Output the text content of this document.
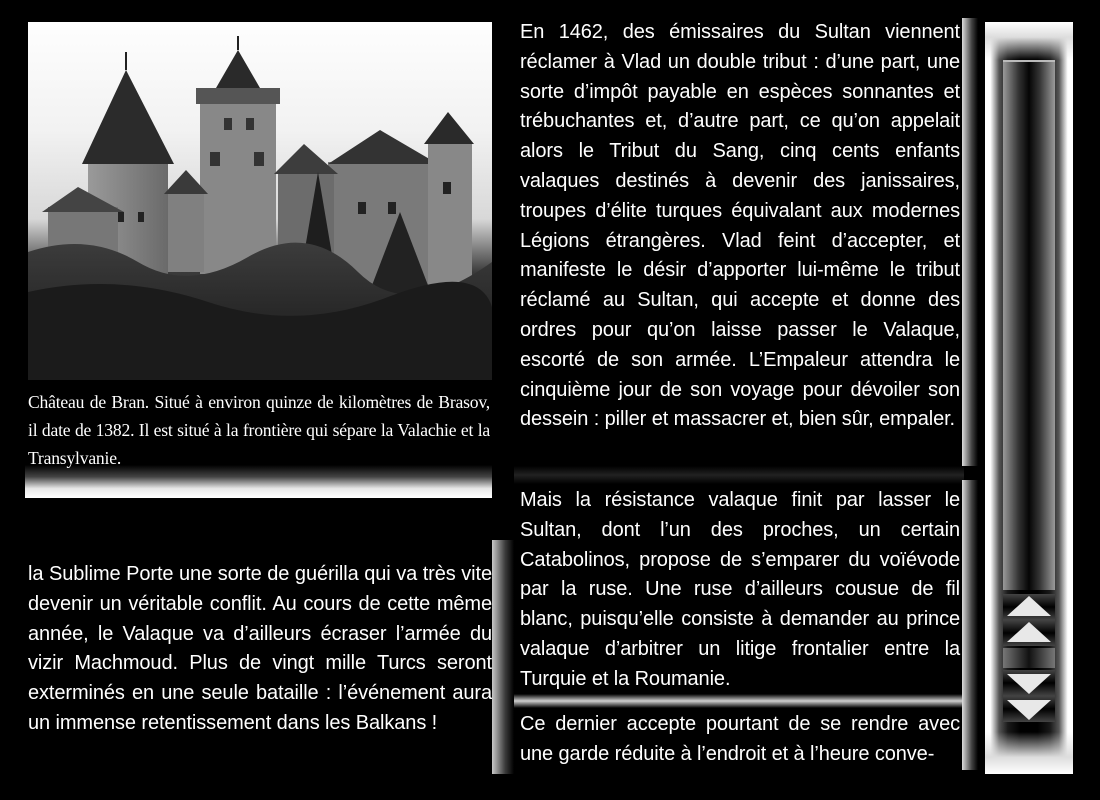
Château de Bran. Situé à environ quinze de kilomètres de Brasov, il date de 1382. Il est situé à la frontière qui sépare la Valachie et la Transylvanie.

la Sublime Porte une sorte de guérilla qui va très vite devenir un véritable conflit. Au cours de cette même année, le Valaque va d’ailleurs écraser l’armée du vizir Machmoud. Plus de vingt mille Turcs seront exterminés en une seule bataille : l’événement aura un immense retentissement dans les Balkans !

En 1462, des émissaires du Sultan viennent réclamer à Vlad un double tribut : d’une part, une sorte d’impôt payable en espèces sonnantes et trébuchantes et, d’autre part, ce qu’on appelait alors le Tribut du Sang, cinq cents enfants valaques destinés à devenir des janissaires, troupes d’élite turques équivalant aux modernes Légions étrangères. Vlad feint d’accepter, et manifeste le désir d’apporter lui-même le tribut réclamé au Sultan, qui accepte et donne des ordres pour qu’on laisse passer le Valaque, escorté de son armée. L’Empaleur attendra le cinquième jour de son voyage pour dévoiler son dessein : piller et massacrer et, bien sûr, empaler.

Mais la résistance valaque finit par lasser le Sultan, dont l’un des proches, un certain Catabolinos, propose de s’emparer du voïévode par la ruse. Une ruse d’ailleurs cousue de fil blanc, puisqu’elle consiste à demander au prince valaque d’arbitrer un litige frontalier entre la Turquie et la Roumanie.

Ce dernier accepte pourtant de se rendre avec une garde réduite à l’endroit et à l’heure conve-
